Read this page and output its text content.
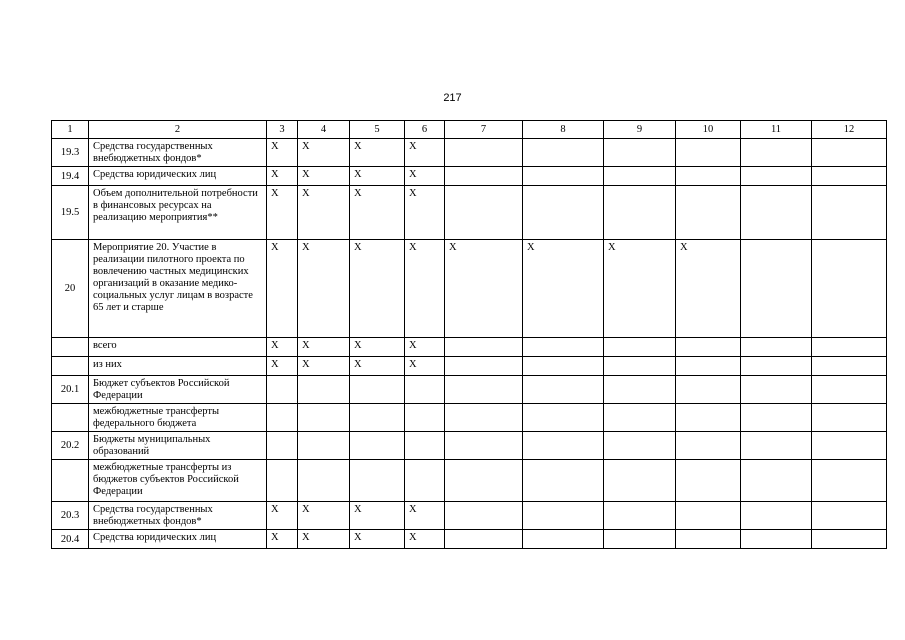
217
1	2	3	4	5	6	7	8	9	10	11	12
19.3	Средства государственных внебюджетных фондов*	X	X	X	X						
19.4	Средства юридических лиц	X	X	X	X						
19.5	Объем дополнительной потребности в финансовых ресурсах на реализацию мероприятия**	X	X	X	X						
20	Мероприятие 20. Участие в реализации пилотного проекта по вовлечению частных медицинских организаций в оказание медико-социальных услуг лицам в возрасте 65 лет и старше	X	X	X	X	X	X	X	X		
	всего	X	X	X	X						
	из них	X	X	X	X						
20.1	Бюджет субъектов Российской Федерации										
	межбюджетные трансферты федерального бюджета										
20.2	Бюджеты муниципальных образований										
	межбюджетные трансферты из бюджетов субъектов Российской Федерации										
20.3	Средства государственных внебюджетных фондов*	X	X	X	X						
20.4	Средства юридических лиц	X	X	X	X						
